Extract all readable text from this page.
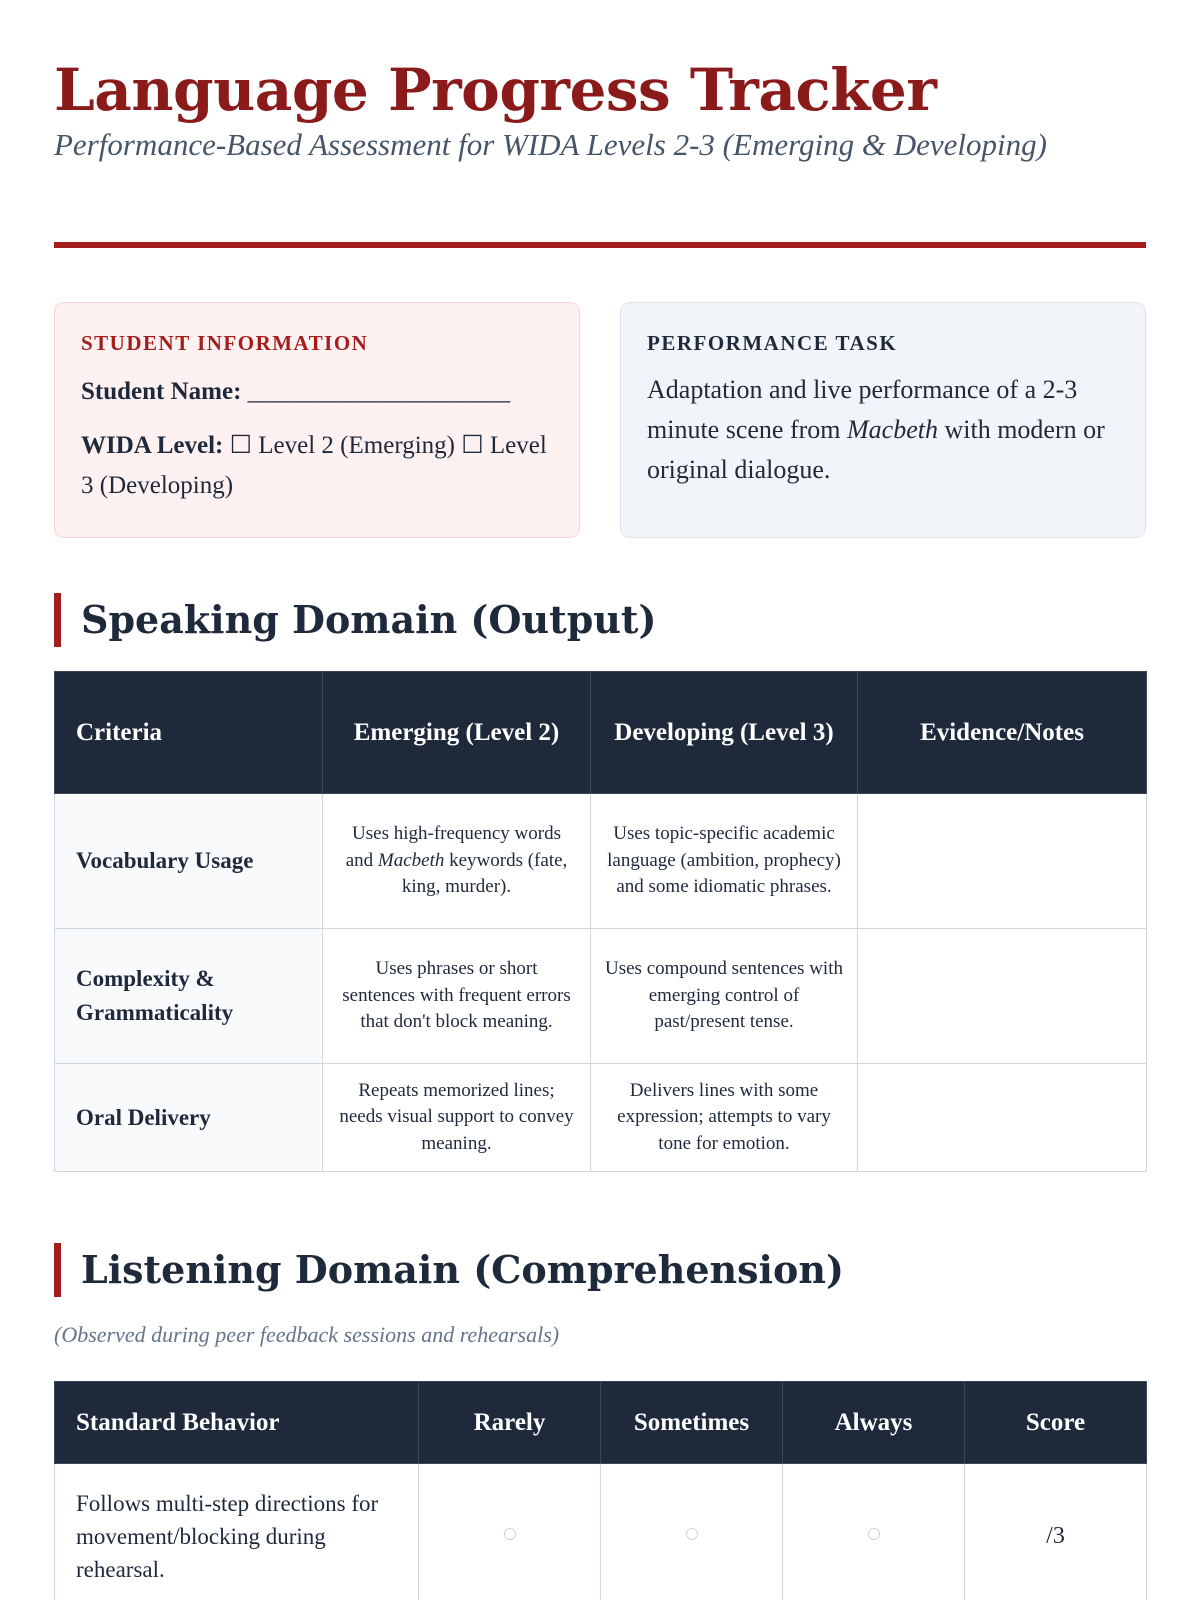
Language Progress Tracker
Performance-Based Assessment for WIDA Levels 2-3 (Emerging & Developing)
STUDENT INFORMATION
Student Name: _____________________
WIDA Level: ☐ Level 2 (Emerging) ☐ Level 3 (Developing)
PERFORMANCE TASK
Adaptation and live performance of a 2-3 minute scene from Macbeth with modern or original dialogue.
Speaking Domain (Output)
Criteria	Emerging (Level 2)	Developing (Level 3)	Evidence/Notes
Vocabulary Usage	Uses high-frequency words and Macbeth keywords (fate, king, murder).	Uses topic-specific academic language (ambition, prophecy) and some idiomatic phrases.	
Complexity & Grammaticality	Uses phrases or short sentences with frequent errors that don't block meaning.	Uses compound sentences with emerging control of past/present tense.	
Oral Delivery	Repeats memorized lines; needs visual support to convey meaning.	Delivers lines with some expression; attempts to vary tone for emotion.	
Listening Domain (Comprehension)
(Observed during peer feedback sessions and rehearsals)
Standard Behavior	Rarely	Sometimes	Always	Score
Follows multi-step directions for movement/blocking during rehearsal.				/3
